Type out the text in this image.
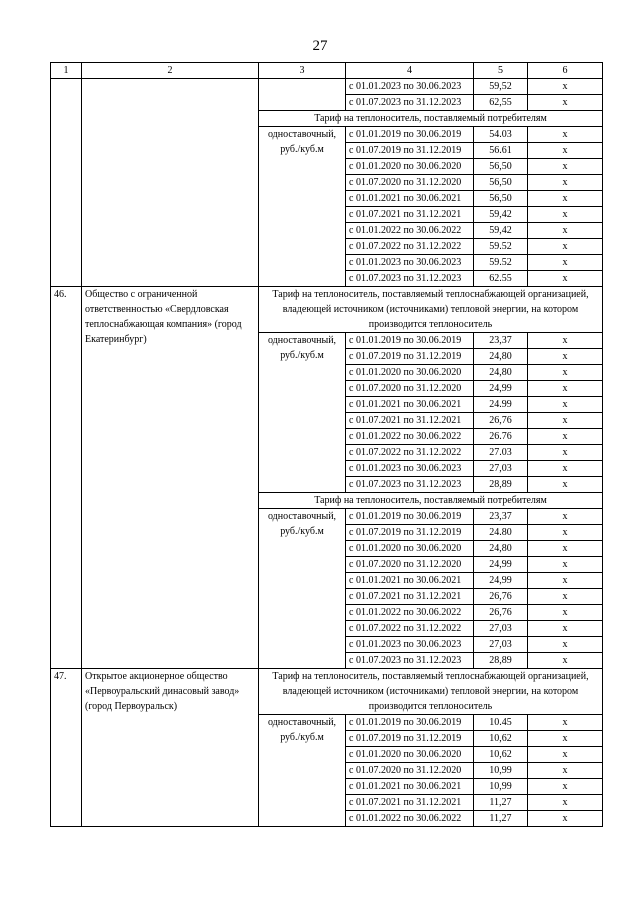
27
1	2	3	4	5	6
			с 01.01.2023 по 30.06.2023	59,52	x
			с 01.07.2023 по 31.12.2023	62,55	x
		Тариф на теплоноситель, поставляемый потребителям			
		одноставочный, руб./куб.м	с 01.01.2019 по 30.06.2019	54.03	x
			с 01.07.2019 по 31.12.2019	56.61	x
			с 01.01.2020 по 30.06.2020	56,50	x
			с 01.07.2020 по 31.12.2020	56,50	x
			с 01.01.2021 по 30.06.2021	56,50	x
			с 01.07.2021 по 31.12.2021	59,42	x
			с 01.01.2022 по 30.06.2022	59,42	x
			с 01.07.2022 по 31.12.2022	59.52	x
			с 01.01.2023 по 30.06.2023	59.52	x
			с 01.07.2023 по 31.12.2023	62.55	x
46.	Общество с ограниченной ответственностью «Свердловская теплоснабжающая компания» (город Екатеринбург)	Тариф на теплоноситель, поставляемый теплоснабжающей организацией, владеющей источником (источниками) тепловой энергии, на котором производится теплоноситель			
		одноставочный, руб./куб.м	с 01.01.2019 по 30.06.2019	23,37	x
			с 01.07.2019 по 31.12.2019	24,80	x
			с 01.01.2020 по 30.06.2020	24,80	x
			с 01.07.2020 по 31.12.2020	24,99	x
			с 01.01.2021 по 30.06.2021	24.99	x
			с 01.07.2021 по 31.12.2021	26,76	x
			с 01.01.2022 по 30.06.2022	26.76	x
			с 01.07.2022 по 31.12.2022	27.03	x
			с 01.01.2023 по 30.06.2023	27,03	x
			с 01.07.2023 по 31.12.2023	28,89	x
		Тариф на теплоноситель, поставляемый потребителям			
		одноставочный, руб./куб.м	с 01.01.2019 по 30.06.2019	23,37	x
			с 01.07.2019 по 31.12.2019	24.80	x
			с 01.01.2020 по 30.06.2020	24,80	x
			с 01.07.2020 по 31.12.2020	24,99	x
			с 01.01.2021 по 30.06.2021	24,99	x
			с 01.07.2021 по 31.12.2021	26,76	x
			с 01.01.2022 по 30.06.2022	26,76	x
			с 01.07.2022 по 31.12.2022	27,03	x
			с 01.01.2023 по 30.06.2023	27,03	x
			с 01.07.2023 по 31.12.2023	28,89	x
47.	Открытое акционерное общество «Первоуральский динасовый завод» (город Первоуральск)	Тариф на теплоноситель, поставляемый теплоснабжающей организацией, владеющей источником (источниками) тепловой энергии, на котором производится теплоноситель			
		одноставочный, руб./куб.м	с 01.01.2019 по 30.06.2019	10.45	x
			с 01.07.2019 по 31.12.2019	10,62	x
			с 01.01.2020 по 30.06.2020	10,62	x
			с 01.07.2020 по 31.12.2020	10,99	x
			с 01.01.2021 по 30.06.2021	10,99	x
			с 01.07.2021 по 31.12.2021	11,27	x
			с 01.01.2022 по 30.06.2022	11,27	x
